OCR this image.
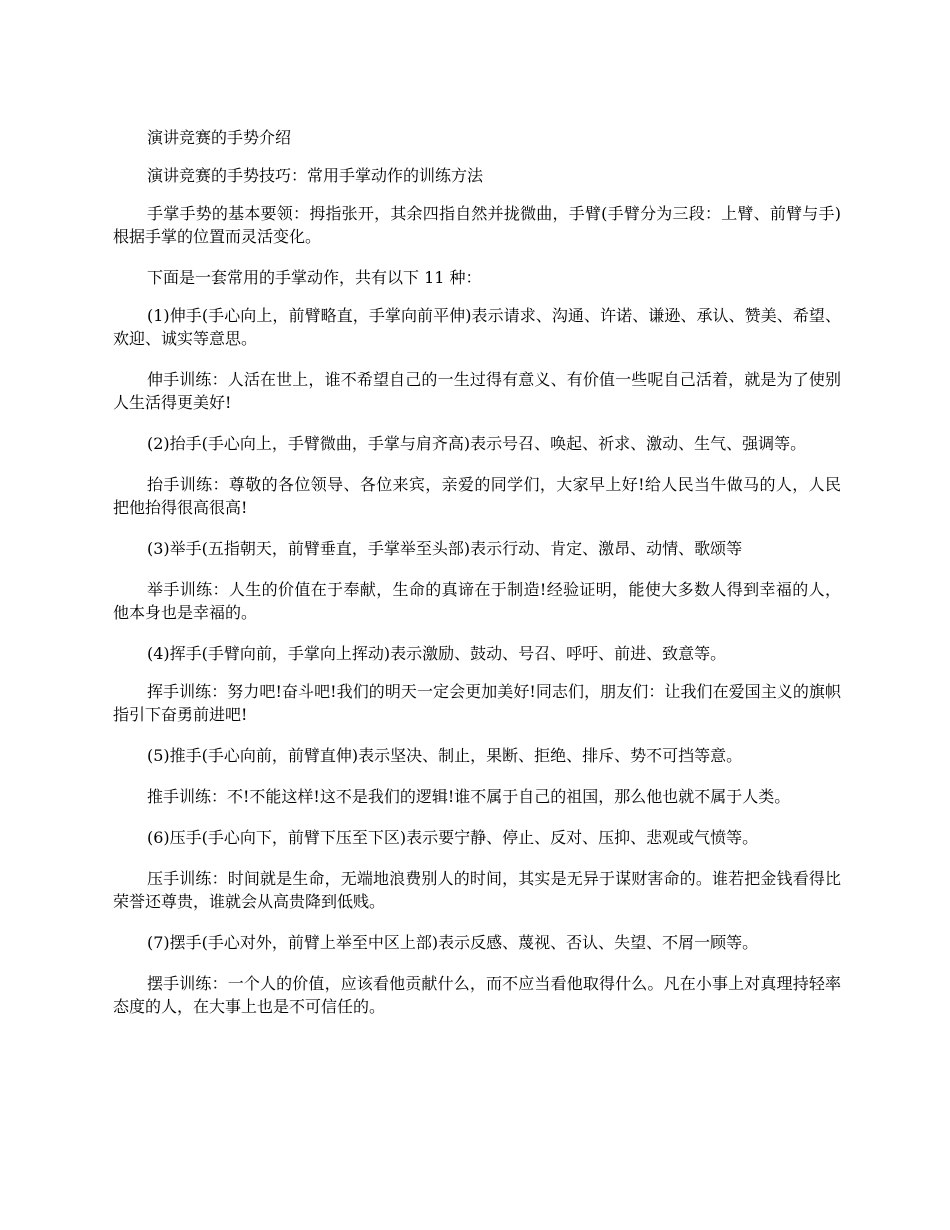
演讲竞赛的手势介绍

演讲竞赛的手势技巧：常用手掌动作的训练方法

手掌手势的基本要领：拇指张开，其余四指自然并拢微曲，手臂(手臂分为三段：上臂、前臂与手)根据手掌的位置而灵活变化。

下面是一套常用的手掌动作，共有以下 11 种：

(1)伸手(手心向上，前臂略直，手掌向前平伸)表示请求、沟通、许诺、谦逊、承认、赞美、希望、欢迎、诚实等意思。

伸手训练：人活在世上，谁不希望自己的一生过得有意义、有价值一些呢自己活着，就是为了使别人生活得更美好!

(2)抬手(手心向上，手臂微曲，手掌与肩齐高)表示号召、唤起、祈求、激动、生气、强调等。

抬手训练：尊敬的各位领导、各位来宾，亲爱的同学们，大家早上好!给人民当牛做马的人，人民把他抬得很高很高!

(3)举手(五指朝天，前臂垂直，手掌举至头部)表示行动、肯定、激昂、动情、歌颂等

举手训练：人生的价值在于奉献，生命的真谛在于制造!经验证明，能使大多数人得到幸福的人，他本身也是幸福的。

(4)挥手(手臂向前，手掌向上挥动)表示激励、鼓动、号召、呼吁、前进、致意等。

挥手训练：努力吧!奋斗吧!我们的明天一定会更加美好!同志们，朋友们：让我们在爱国主义的旗帜指引下奋勇前进吧!

(5)推手(手心向前，前臂直伸)表示坚决、制止，果断、拒绝、排斥、势不可挡等意。

推手训练：不!不能这样!这不是我们的逻辑!谁不属于自己的祖国，那么他也就不属于人类。

(6)压手(手心向下，前臂下压至下区)表示要宁静、停止、反对、压抑、悲观或气愤等。

压手训练：时间就是生命，无端地浪费别人的时间，其实是无异于谋财害命的。谁若把金钱看得比荣誉还尊贵，谁就会从高贵降到低贱。

(7)摆手(手心对外，前臂上举至中区上部)表示反感、蔑视、否认、失望、不屑一顾等。

摆手训练：一个人的价值，应该看他贡献什么，而不应当看他取得什么。凡在小事上对真理持轻率态度的人，在大事上也是不可信任的。
